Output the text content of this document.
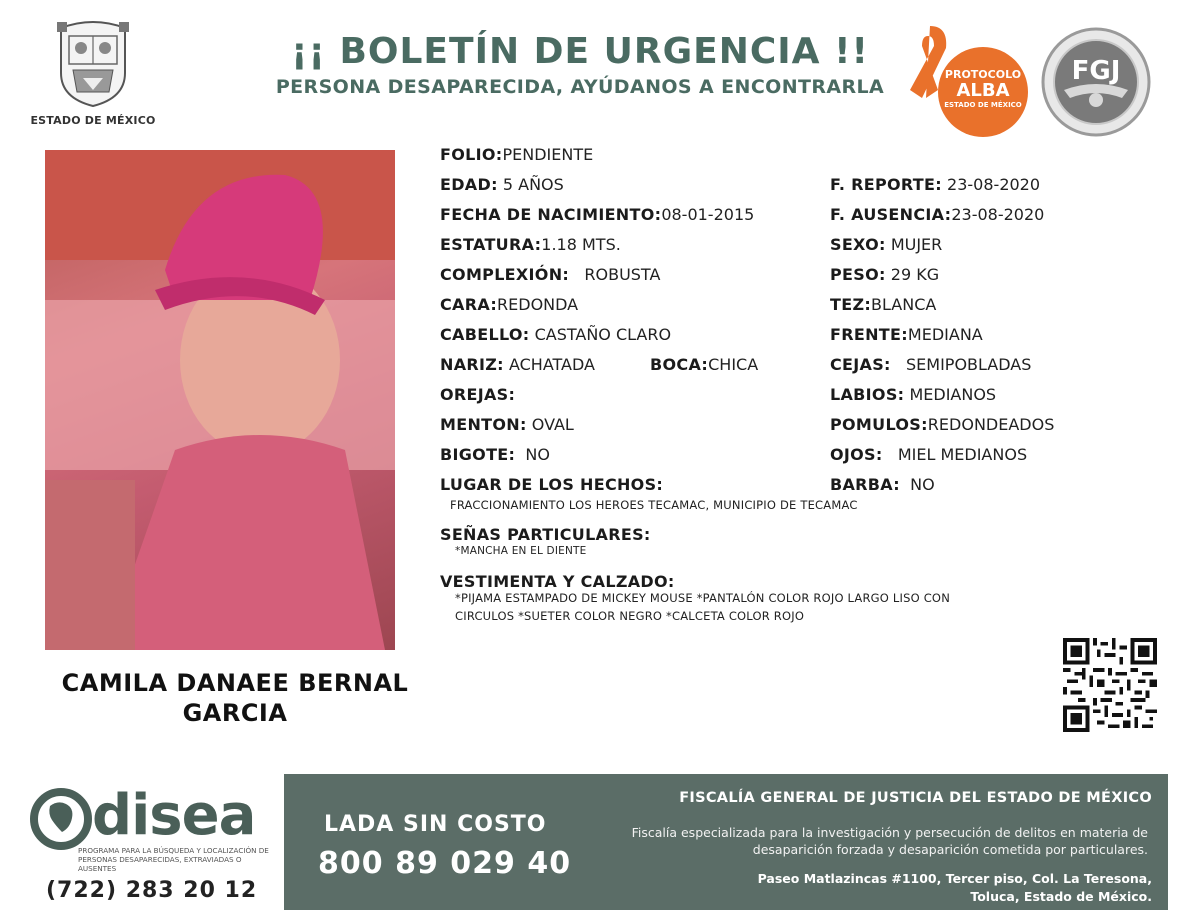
ESTADO DE MÉXICO
¡¡ BOLETÍN DE URGENCIA !!
PERSONA DESAPARECIDA, AYÚDANOS A ENCONTRARLA
PROTOCOLO
ALBA
ESTADO DE MÉXICO
FGJ
CAMILA DANAEE BERNAL
GARCIA
FOLIO:PENDIENTE
EDAD: 5 AÑOS
FECHA DE NACIMIENTO:08-01-2015
ESTATURA:1.18 MTS.
COMPLEXIÓN: ROBUSTA
CARA:REDONDA
CABELLO: CASTAÑO CLARO
NARIZ: ACHATADA	BOCA:CHICA
OREJAS:
MENTON: OVAL
BIGOTE: NO
LUGAR DE LOS HECHOS:
FRACCIONAMIENTO LOS HEROES TECAMAC, MUNICIPIO DE TECAMAC
SEÑAS PARTICULARES:
*MANCHA EN EL DIENTE
VESTIMENTA Y CALZADO:
*PIJAMA ESTAMPADO DE MICKEY MOUSE *PANTALÓN COLOR ROJO LARGO LISO CON
CIRCULOS *SUETER COLOR NEGRO *CALCETA COLOR ROJO
F. REPORTE: 23-08-2020
F. AUSENCIA:23-08-2020
SEXO: MUJER
PESO: 29 KG
TEZ:BLANCA
FRENTE:MEDIANA
CEJAS: SEMIPOBLADAS
LABIOS: MEDIANOS
POMULOS:REDONDEADOS
OJOS: MIEL MEDIANOS
BARBA: NO
disea
PROGRAMA PARA LA BÚSQUEDA Y LOCALIZACIÓN DE PERSONAS DESAPARECIDAS, EXTRAVIADAS O AUSENTES
(722) 283 20 12
LADA SIN COSTO
800 89 029 40
FISCALÍA GENERAL DE JUSTICIA DEL ESTADO DE MÉXICO
Fiscalía especializada para la investigación y persecución de delitos en materia de desaparición forzada y desaparición cometida por particulares.
Paseo Matlazincas #1100, Tercer piso, Col. La Teresona,
Toluca, Estado de México.
